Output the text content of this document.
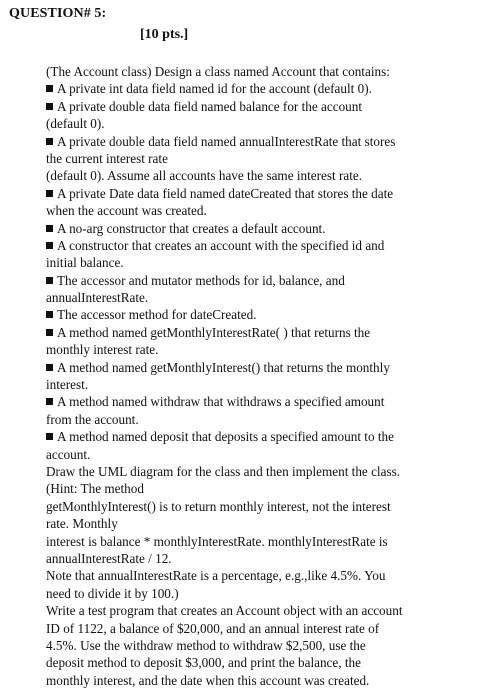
QUESTION# 5:
[10 pts.]
(The Account class) Design a class named Account that contains:
A private int data field named id for the account (default 0).
A private double data field named balance for the account
(default 0).
A private double data field named annualInterestRate that stores
the current interest rate
(default 0). Assume all accounts have the same interest rate.
A private Date data field named dateCreated that stores the date
when the account was created.
A no-arg constructor that creates a default account.
A constructor that creates an account with the specified id and
initial balance.
The accessor and mutator methods for id, balance, and
annualInterestRate.
The accessor method for dateCreated.
A method named getMonthlyInterestRate( ) that returns the
monthly interest rate.
A method named getMonthlyInterest() that returns the monthly
interest.
A method named withdraw that withdraws a specified amount
from the account.
A method named deposit that deposits a specified amount to the
account.
Draw the UML diagram for the class and then implement the class.
(Hint: The method
getMonthlyInterest() is to return monthly interest, not the interest
rate. Monthly
interest is balance * monthlyInterestRate. monthlyInterestRate is
annualInterestRate / 12.
Note that annualInterestRate is a percentage, e.g.,like 4.5%. You
need to divide it by 100.)
Write a test program that creates an Account object with an account
ID of 1122, a balance of $20,000, and an annual interest rate of
4.5%. Use the withdraw method to withdraw $2,500, use the
deposit method to deposit $3,000, and print the balance, the
monthly interest, and the date when this account was created.
